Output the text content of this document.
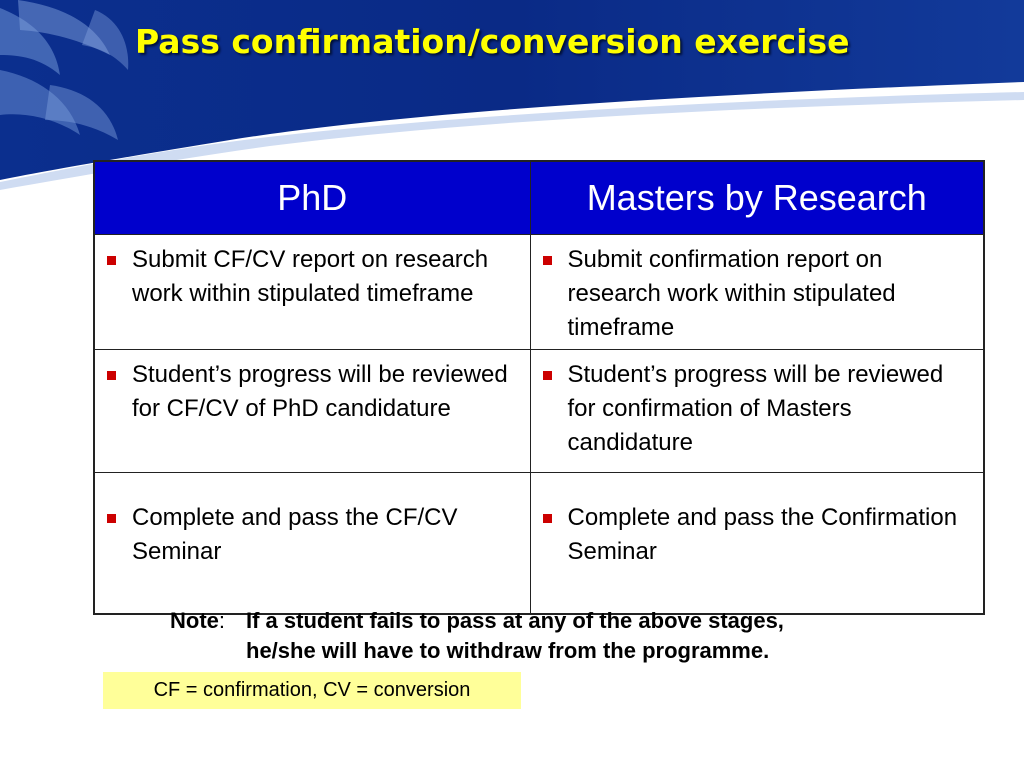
Pass confirmation/conversion exercise
PhD	Masters by Research

Submit CF/CV report on research work within stipulated timeframe	Submit confirmation report on research work within stipulated timeframe

Student’s progress will be reviewed for CF/CV of PhD candidature	Student’s progress will be reviewed for confirmation of Masters candidature

Complete and pass the CF/CV Seminar	Complete and pass the Confirmation Seminar
Note: If a student fails to pass at any of the above stages,
he/she will have to withdraw from the programme.
CF = confirmation, CV = conversion
